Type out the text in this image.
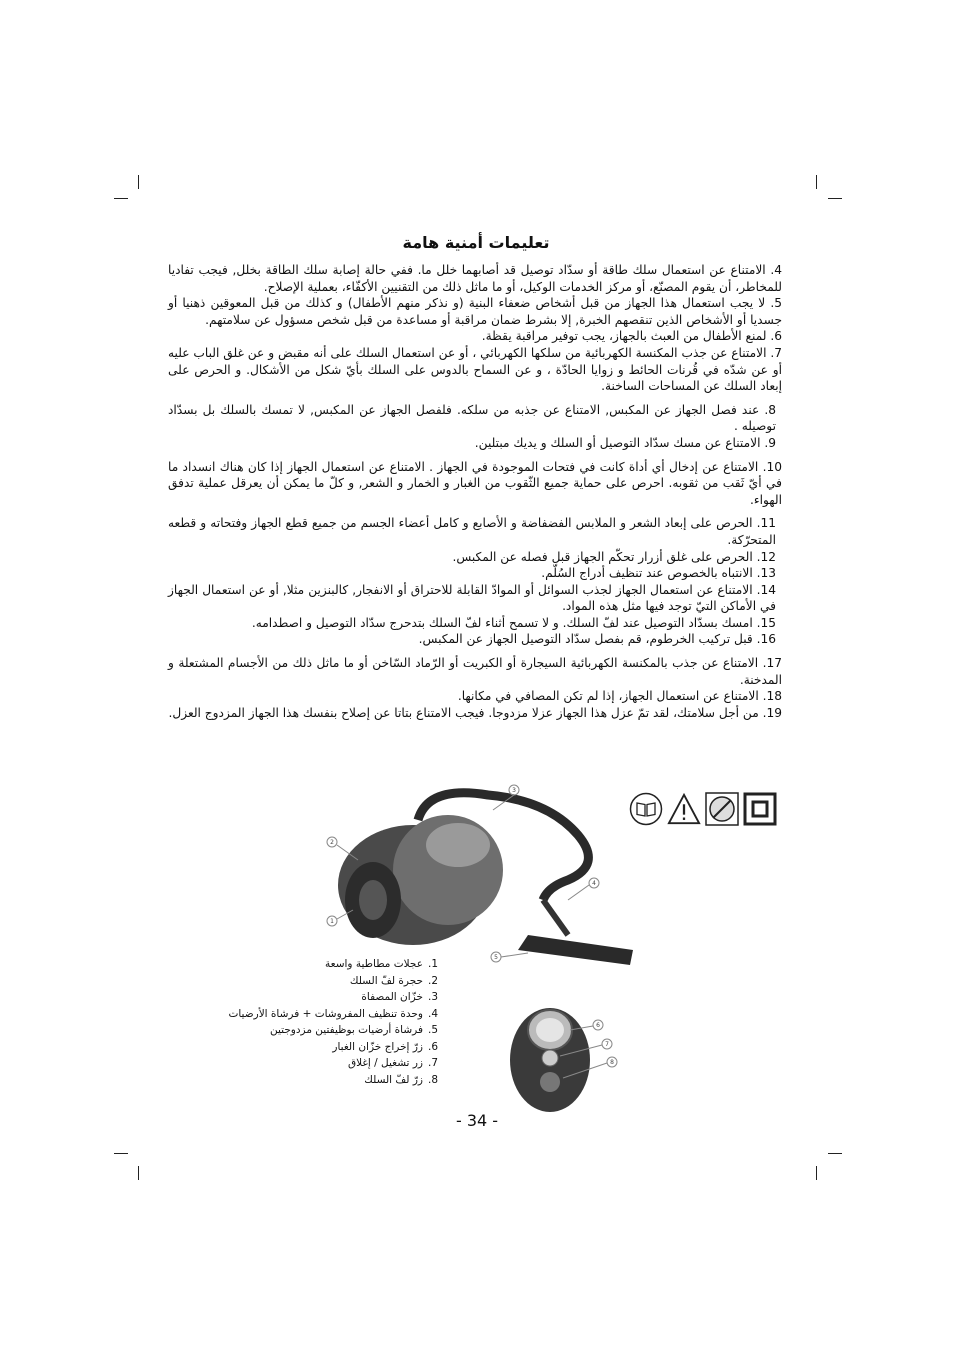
تعليمات أمنية هامة

4. الامتناع عن استعمال سلك طاقة أو سدّاد توصيل قد أصابهما خلل ما. ففي حالة إصابة سلك الطاقة بخلل, فيجب تفاديا للمخاطر، أن يقوم المصنّع، أو مركز الخدمات الوكيل، أو ما ماثل ذلك من التقنيين الأكفّاء، بعملية الإصلاح.

5. لا يجب استعمال هذا الجهاز من قبل أشخاص ضعفاء البنية (و نذكر منهم الأطفال) و كذلك من قبل المعوقين ذهنيا أو جسديا أو الأشخاص الذين تنقصهم الخبرة, إلا بشرط ضمان مراقبة أو مساعدة من قبل شخص مسؤول عن سلامتهم.

6. لمنع الأطفال من العبث بالجهاز، يجب توفير مراقبة يقظة.

7. الامتناع عن جذب المكنسة الكهربائية من سلكها الكهربائي ، أو عن استعمال السلك على أنه مقبض و عن غلق الباب عليه أو عن شدّه في قُرنات الحائط و زوايا الحادّة ، و عن السماح بالدوس على السلك بأيّ شكل من الأشكال. و الحرص على إبعاد السلك عن المساحات الساخنة.

8. عند فصل الجهاز عن المكبس, الامتناع عن جذبه من سلكه. فلفصل الجهاز عن المكبس, لا تمسك بالسلك بل بسدّاد توصيله .

9. الامتناع عن مسك سدّاد التوصيل أو السلك و يديك مبتلين.

10. الامتناع عن إدخال أي أداة كانت في فتحات الموجودة في الجهاز . الامتناع عن استعمال الجهاز إذا كان هناك انسداد ما في أيّ ثَقب من ثقوبه. احرص على حماية جميع الثّقوب من الغبار و الخمار و الشعر, و كلّ ما يمكن أن يعرقل عملية تدفق الهواء.

11. الحرص على إبعاد الشعر و الملابس الفضفاضة و الأصابع و كامل أعضاء الجسم من جميع قطع الجهاز وفتحاته و قطعه المتحرّكة.

12. الحرص على غلق أزرار تحكّم الجهاز قبل فصله عن المكبس.

13. الانتباه بالخصوص عند تنظيف أدراج السُلّم.

14. الامتناع عن استعمال الجهاز لجذب السوائل أو الموادّ القابلة للاحتراق أو الانفجار, كالبنزين مثلا, أو عن استعمال الجهاز في الأماكن التيّ توجد فيها مثل هذه المواد.

15. امسك بسدّاد التوصيل عند لفّ السلك. و لا تسمح أثناء لفّ السلك بتدحرج سدّاد التوصيل و اصطدامه.

16. قبل تركيب الخرطوم، قم بفصل سدّاد التوصيل الجهاز عن المكبس.

17. الامتناع عن جذب بالمكنسة الكهربائية السيجارة أو الكبريت أو الرّماد السّاخن أو ما ماثل ذلك من الأجسام المشتعلة و المدخنة.

18. الامتناع عن استعمال الجهاز، إذا لم تكن المصافي في مكانها.

19. من أجل سلامتك، لقد تمّ عزل هذا الجهاز عزلا مزدوجا. فيجب الامتناع بتاتا عن إصلاح بنفسك هذا الجهاز المزدوج العزل.

3
2
1
4
5
6
7
8
1.عجلات مطاطية واسعة
2.حجرة لفّ السلك
3.خزّان المصفاة
4.وحدة تنظيف المفروشات + فرشاة الأرضيات
5.فرشاة أرضيات بوظيفتين مزدوجتين
6.زرّ إخراج خزّان الغبار
7.زر تشغيل / إغلاق
8.زرّ لفّ السلك
- 34 -
